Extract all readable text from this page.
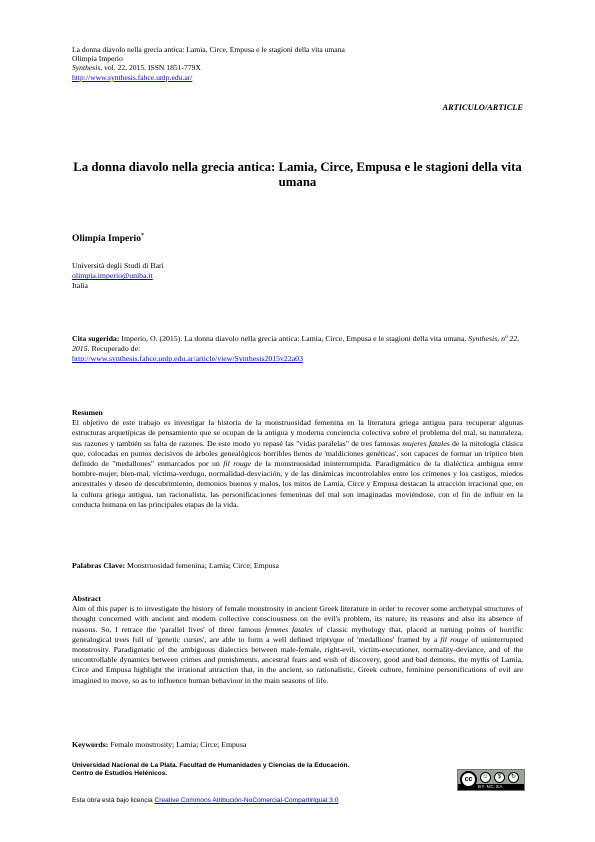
La donna diavolo nella grecia antica: Lamia, Circe, Empusa e le stagioni della vita umana
Olimpia Imperio
Synthesis, vol. 22, 2015. ISSN 1851-779X
http://www.synthesis.fahce.unlp.edu.ar/
ARTICULO/ARTICLE
La donna diavolo nella grecia antica: Lamia, Circe, Empusa e le stagioni della vita umana
Olimpia Imperio*
Università degli Studi di Bari
olimpia.imperio@uniba.it
Italia
Cita sugerida: Imperio, O. (2015). La donna diavolo nella grecia antica: Lamia, Circe, Empusa e le stagioni della vita umana. Synthesis, nº 22, 2015. Recuperado de:
http://www.synthesis.fahce.unlp.edu.ar/article/view/Synthesis2015v22a03
Resumen
El objetivo de este trabajo es investigar la historia de la monstruosidad femenina en la literatura griega antigua para recuperar algunas estructuras arquetípicas de pensamiento que se ocupan de la antigua y moderna conciencia colectiva sobre el problema del mal, su naturaleza, sus razones y también su falta de razones. De este modo yo repasé las "vidas paralelas" de tres famosas mujeres fatales de la mitología clásica que, colocadas en puntos decisivos de árboles genealógicos horribles llenos de 'maldiciones genéticas', son capaces de formar un tríptico bien definido de "medallones" enmarcados por un fil rouge de la monstruosidad ininterrumpida. Paradigmático de la dialéctica ambigua entre hombre-mujer, bien-mal, víctima-verdugo, normalidad-desviación, y de las dinámicas incontrolables entre los crímenes y los castigos, miedos ancestrales y deseo de descubrimiento, demonios buenos y malos, los mitos de Lamia, Circe y Empusa destacan la atracción irracional que, en la cultura griega antigua, tan racionalista, las personificaciones femeninas del mal son imaginadas moviéndose, con el fin de influir en la conducta humana en las principales etapas de la vida.
Palabras Clave: Monstruosidad femenina; Lamia; Circe; Empusa
Abstract
Aim of this paper is to investigate the history of female monstrosity in ancient Greek literature in order to recover some archetypal structures of thought concerned with ancient and modern collective consciousness on the evil's problem, its nature, its reasons and also its absence of reasons. So, I retrace the 'parallel lives' of three famous femmes fatales of classic mythology that, placed at turning points of horrific genealogical trees full of 'genetic curses', are able to form a well defined triptyque of 'medallions' framed by a fil rouge of uninterrupted monstrosity. Paradigmatic of the ambiguous dialectics between male-female, right-evil, victim-executioner, normality-deviance, and of the uncontrollable dynamics between crimes and punishments, ancestral fears and wish of discovery, good and bad demons, the myths of Lamia, Circe and Empusa highlight the irrational attraction that, in the ancient, so rationalistic, Greek culture, feminine personifications of evil are imagined to move, so as to influence human behaviour in the main seasons of life.
Keywords: Female monstrosity; Lamia; Circe; Empusa
Universidad Nacional de La Plata. Facultad de Humanidades y Ciencias de la Educación.
Centro de Estudios Helénicos.
cc	☺	$	↻
BY NC SA
Esta obra está bajo licencia Creative Commons Atribución-NoComercial-CompartirIgual 3.0
